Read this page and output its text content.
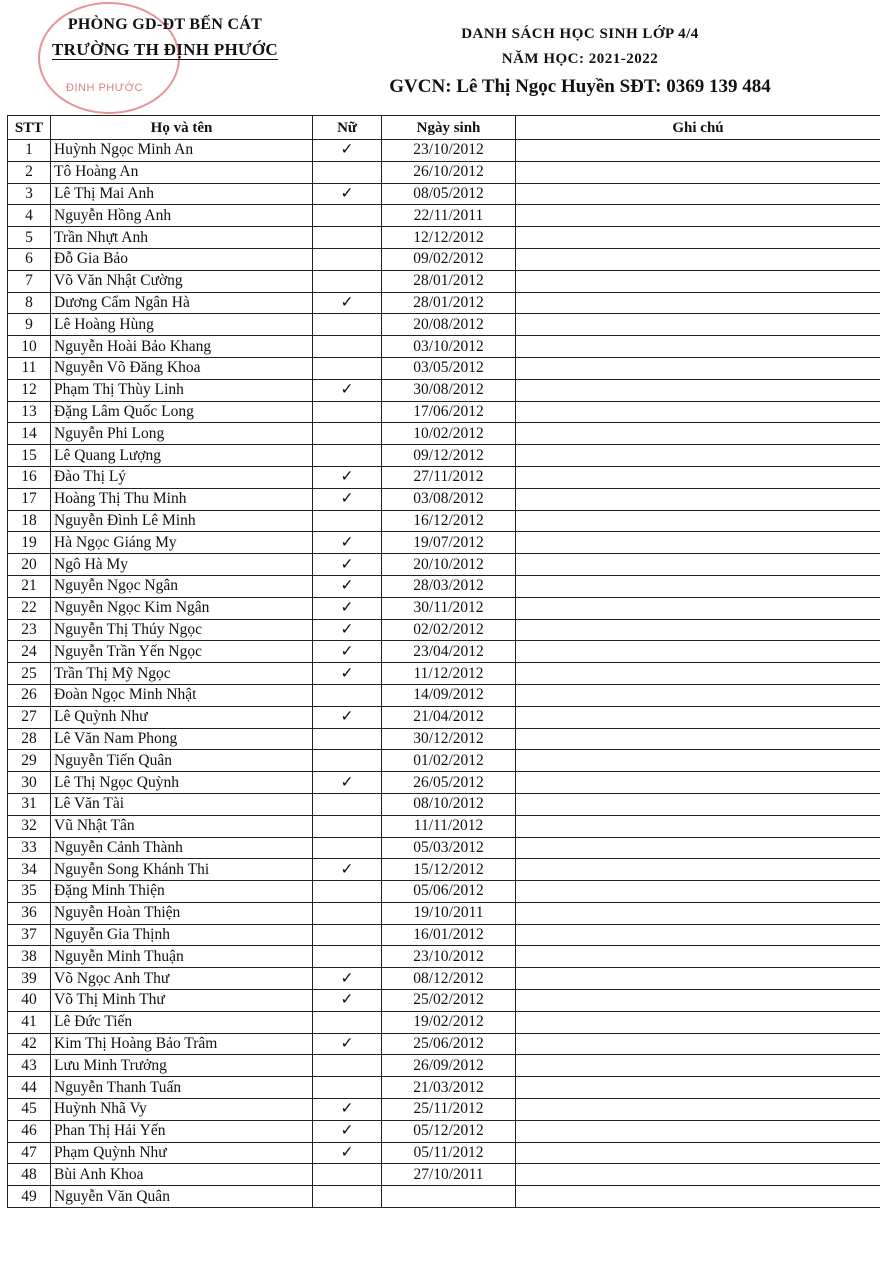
ĐỊNH PHƯỚC
PHÒNG GD-ĐT BẾN CÁT
TRƯỜNG TH ĐỊNH PHƯỚC
DANH SÁCH HỌC SINH LỚP 4/4
NĂM HỌC: 2021-2022
GVCN: Lê Thị Ngọc Huyền SĐT: 0369 139 484
STT	Họ và tên	Nữ	Ngày sinh	Ghi chú
1	Huỳnh Ngọc Minh An	✓	23/10/2012	
2	Tô Hoàng An		26/10/2012	
3	Lê Thị Mai Anh	✓	08/05/2012	
4	Nguyễn Hồng Anh		22/11/2011	
5	Trần Nhựt Anh		12/12/2012	
6	Đỗ Gia Bảo		09/02/2012	
7	Võ Văn Nhật Cường		28/01/2012	
8	Dương Cẩm Ngân Hà	✓	28/01/2012	
9	Lê Hoàng Hùng		20/08/2012	
10	Nguyễn Hoài Bảo Khang		03/10/2012	
11	Nguyễn Võ Đăng Khoa		03/05/2012	
12	Phạm Thị Thùy Linh	✓	30/08/2012	
13	Đặng Lâm Quốc Long		17/06/2012	
14	Nguyễn Phi Long		10/02/2012	
15	Lê Quang Lượng		09/12/2012	
16	Đào Thị Lý	✓	27/11/2012	
17	Hoàng Thị Thu Minh	✓	03/08/2012	
18	Nguyễn Đình Lê Minh		16/12/2012	
19	Hà Ngọc Giáng My	✓	19/07/2012	
20	Ngô Hà My	✓	20/10/2012	
21	Nguyễn Ngọc Ngân	✓	28/03/2012	
22	Nguyễn Ngọc Kim Ngân	✓	30/11/2012	
23	Nguyễn Thị Thúy Ngọc	✓	02/02/2012	
24	Nguyễn Trần Yến Ngọc	✓	23/04/2012	
25	Trần Thị Mỹ Ngọc	✓	11/12/2012	
26	Đoàn Ngọc Minh Nhật		14/09/2012	
27	Lê Quỳnh Như	✓	21/04/2012	
28	Lê Văn Nam Phong		30/12/2012	
29	Nguyễn Tiến Quân		01/02/2012	
30	Lê Thị Ngọc Quỳnh	✓	26/05/2012	
31	Lê Văn Tài		08/10/2012	
32	Vũ Nhật Tân		11/11/2012	
33	Nguyễn Cảnh Thành		05/03/2012	
34	Nguyễn Song Khánh Thi	✓	15/12/2012	
35	Đặng Minh Thiện		05/06/2012	
36	Nguyễn Hoàn Thiện		19/10/2011	
37	Nguyễn Gia Thịnh		16/01/2012	
38	Nguyễn Minh Thuận		23/10/2012	
39	Võ Ngọc Anh Thư	✓	08/12/2012	
40	Võ Thị Minh Thư	✓	25/02/2012	
41	Lê Đức Tiến		19/02/2012	
42	Kim Thị Hoàng Bảo Trâm	✓	25/06/2012	
43	Lưu Minh Trưởng		26/09/2012	
44	Nguyễn Thanh Tuấn		21/03/2012	
45	Huỳnh Nhã Vy	✓	25/11/2012	
46	Phan Thị Hải Yến	✓	05/12/2012	
47	Phạm Quỳnh Như	✓	05/11/2012	
48	Bùi Anh Khoa		27/10/2011	
49	Nguyễn Văn Quân			
